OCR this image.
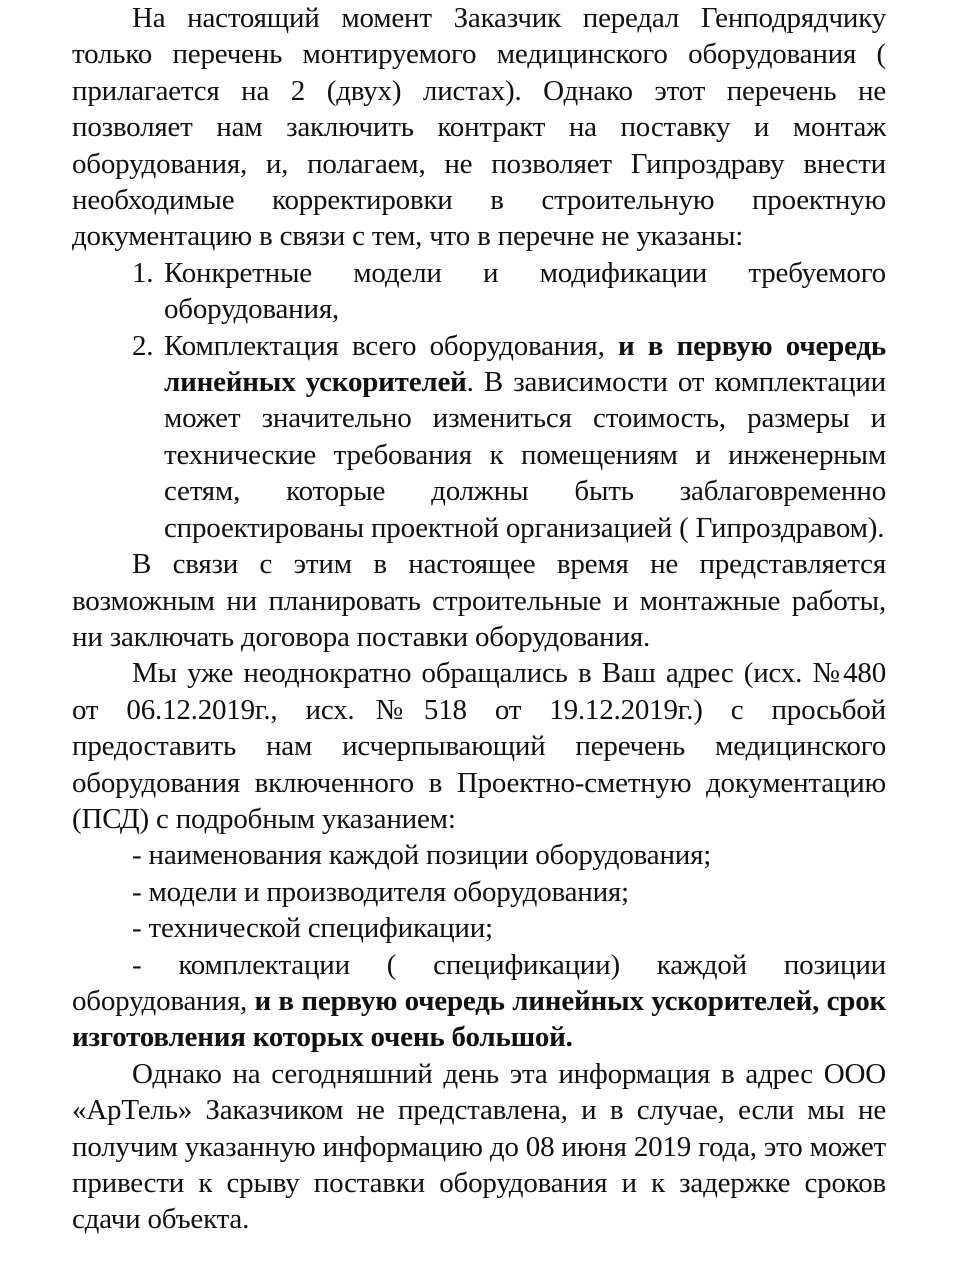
На настоящий момент Заказчик передал Генподрядчику только перечень монтируемого медицинского оборудования ( прилагается на 2 (двух) листах). Однако этот перечень не позволяет нам заключить контракт на поставку и монтаж оборудования, и, полагаем, не позволяет Гипроздраву внести необходимые корректировки в строительную проектную документацию в связи с тем, что в перечне не указаны:

1. Конкретные модели и модификации требуемого оборудования,
2. Комплектация всего оборудования, и в первую очередь линейных ускорителей. В зависимости от комплектации может значительно измениться стоимость, размеры и технические требования к помещениям и инженерным сетям, которые должны быть заблаговременно спроектированы проектной организацией ( Гипроздравом).

В связи с этим в настоящее время не представляется возможным ни планировать строительные и монтажные работы, ни заключать договора поставки оборудования.

Мы уже неоднократно обращались в Ваш адрес (исх. №480 от 06.12.2019г., исх.№518 от 19.12.2019г.) с просьбой предоставить нам исчерпывающий перечень медицинского оборудования включенного в Проектно-сметную документацию (ПСД) с подробным указанием:

- наименования каждой позиции оборудования;

- модели и производителя оборудования;

- технической спецификации;

- комплектации ( спецификации) каждой позиции оборудования, и в первую очередь линейных ускорителей, срок изготовления которых очень большой.

Однако на сегодняшний день эта информация в адрес ООО «АрТель» Заказчиком не представлена, и в случае, если мы не получим указанную информацию до 08 июня 2019 года, это может привести к срыву поставки оборудования и к задержке сроков сдачи объекта.
